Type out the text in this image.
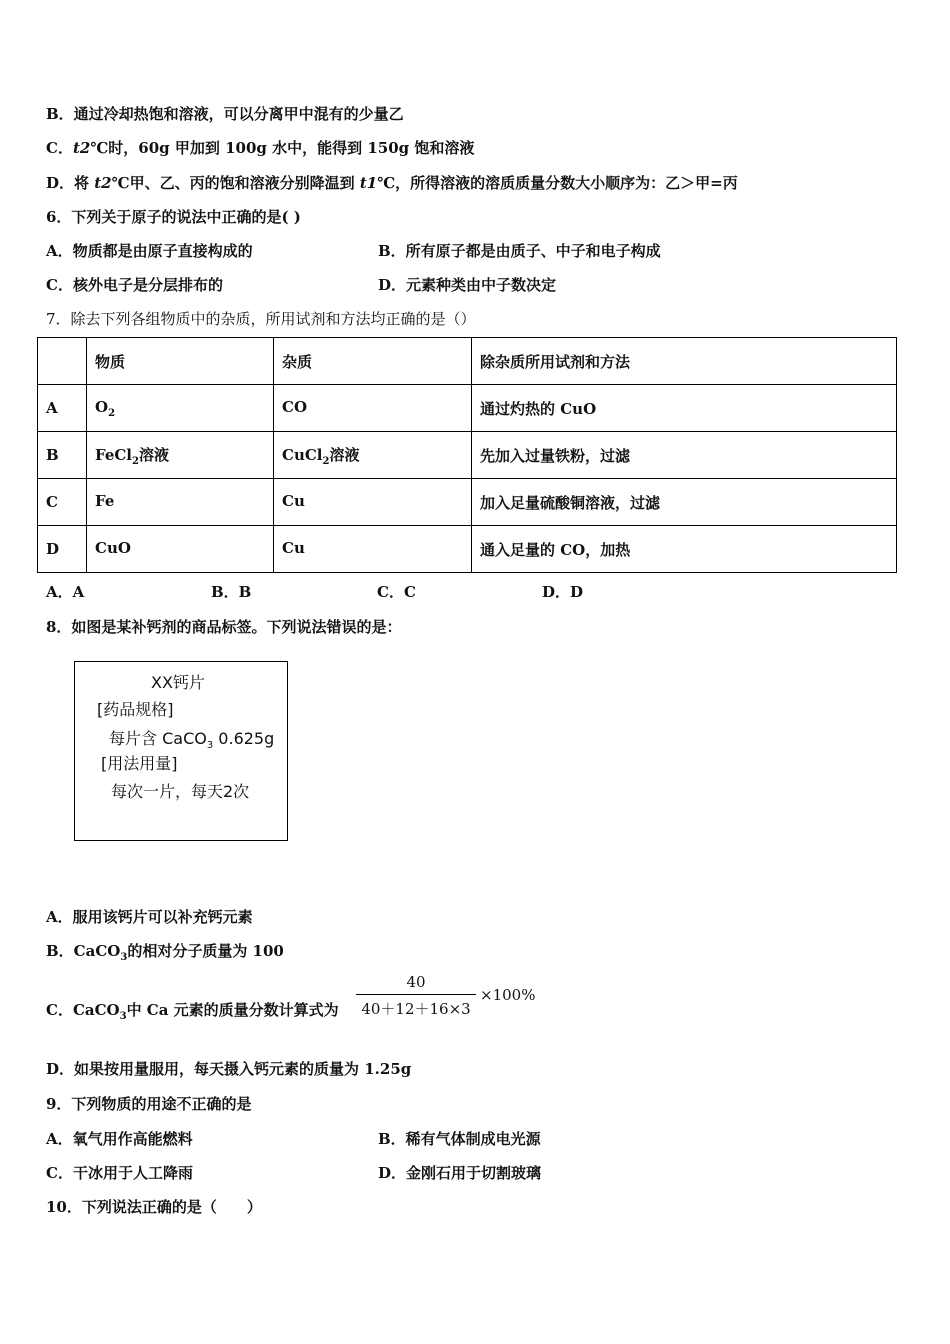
B．通过冷却热饱和溶液，可以分离甲中混有的少量乙
C．t2℃时，60g 甲加到 100g 水中，能得到 150g 饱和溶液
D．将 t2℃甲、乙、丙的饱和溶液分别降温到 t1℃，所得溶液的溶质质量分数大小顺序为：乙＞甲=丙
6．下列关于原子的说法中正确的是( )
A．物质都是由原子直接构成的	B．所有原子都是由质子、中子和电子构成
C．核外电子是分层排布的	D．元素种类由中子数决定
7．除去下列各组物质中的杂质，所用试剂和方法均正确的是（）
	物质	杂质	除杂质所用试剂和方法
A	$O_2$	CO	通过灼热的 CuO
B	FeCl$_2$溶液	CuCl$_2$溶液	先加入过量铁粉，过滤
C	Fe	Cu	加入足量硫酸铜溶液，过滤
D	CuO	Cu	通入足量的 CO，加热
A．A	B．B	C．C	D．D
8．如图是某补钙剂的商品标签。下列说法错误的是：
XX钙片
[药品规格]
每片含 CaCO$_3$ 0.625g
[用法用量]
每次一片，每天2次
A．服用该钙片可以补充钙元素
B．CaCO$_3$的相对分子质量为 100
C．CaCO$_3$中 Ca 元素的质量分数计算式为 $\frac{40}{40+12+16\times 3} \times 100\%$
D．如果按用量服用，每天摄入钙元素的质量为 1.25g
9．下列物质的用途不正确的是
A．氧气用作高能燃料	B．稀有气体制成电光源
C．干冰用于人工降雨	D．金刚石用于切割玻璃
10．下列说法正确的是（　　）
